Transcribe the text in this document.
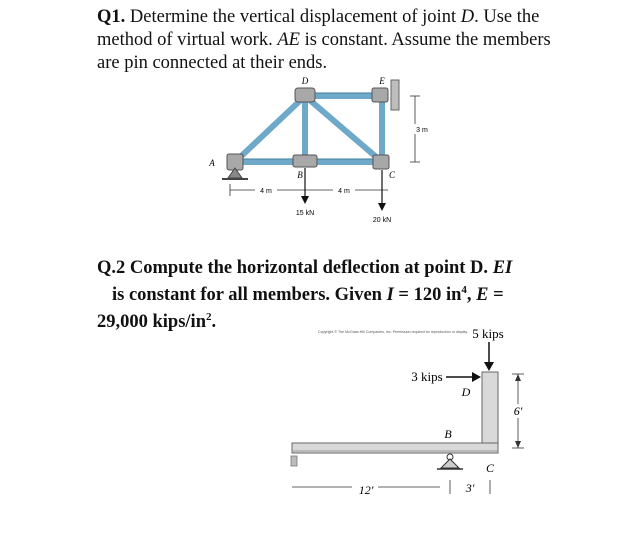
Q1. Determine the vertical displacement of joint D. Use the method of virtual work. AE is constant. Assume the members are pin connected at their ends.
D	E
A
B	C
4 m	4 m
3 m
15 kN
20 kN
Q.2 Compute the horizontal deflection at point D. EI
is constant for all members. Given I = 120 $in^4$, E =
29,000 kips/$in^2$.	Copyright © The McGraw-Hill Companies, Inc. Permission required for reproduction or display. 5 kips
3 kips
D
B
C
6′
12′	3′
